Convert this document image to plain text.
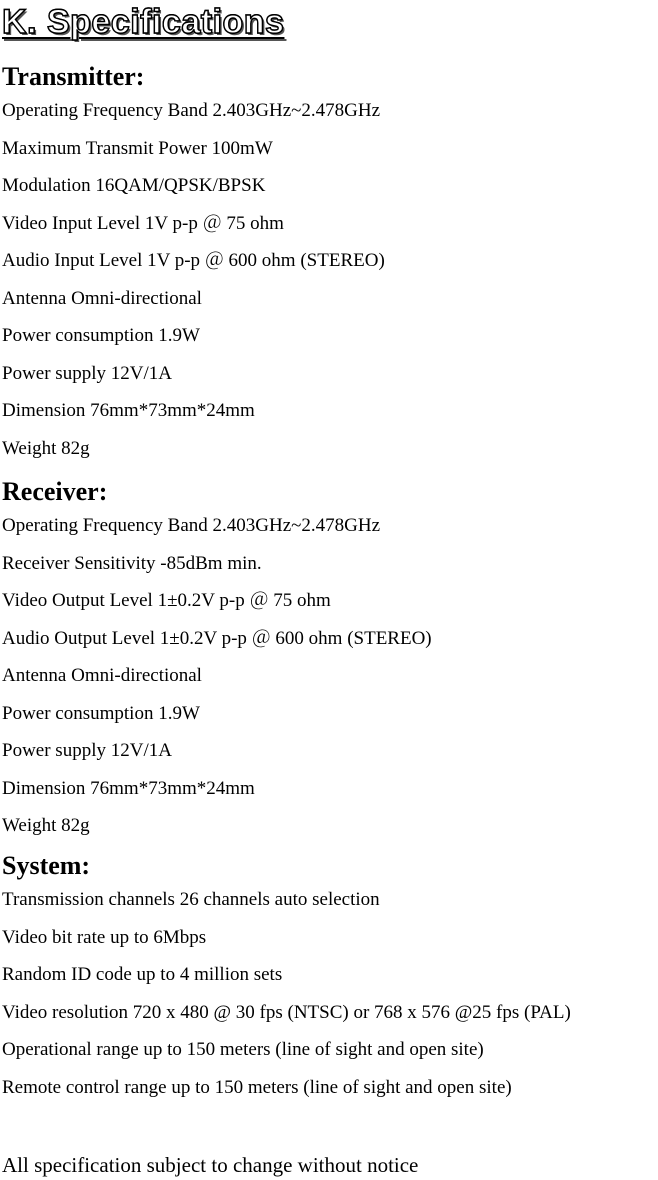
K. Specifications
Transmitter:
Operating Frequency Band 2.403GHz~2.478GHz
Maximum Transmit Power 100mW
Modulation 16QAM/QPSK/BPSK
Video Input Level 1V p-p ＠ 75 ohm
Audio Input Level 1V p-p ＠ 600 ohm (STEREO)
Antenna Omni-directional
Power consumption 1.9W
Power supply 12V/1A
Dimension 76mm*73mm*24mm
Weight 82g
Receiver:
Operating Frequency Band 2.403GHz~2.478GHz
Receiver Sensitivity -85dBm min.
Video Output Level 1±0.2V p-p ＠ 75 ohm
Audio Output Level 1±0.2V p-p ＠ 600 ohm (STEREO)
Antenna Omni-directional
Power consumption 1.9W
Power supply 12V/1A
Dimension 76mm*73mm*24mm
Weight 82g
System:
Transmission channels 26 channels auto selection
Video bit rate up to 6Mbps
Random ID code up to 4 million sets
Video resolution 720 x 480 @ 30 fps (NTSC) or 768 x 576 @25 fps (PAL)
Operational range up to 150 meters (line of sight and open site)
Remote control range up to 150 meters (line of sight and open site)
All specification subject to change without notice
